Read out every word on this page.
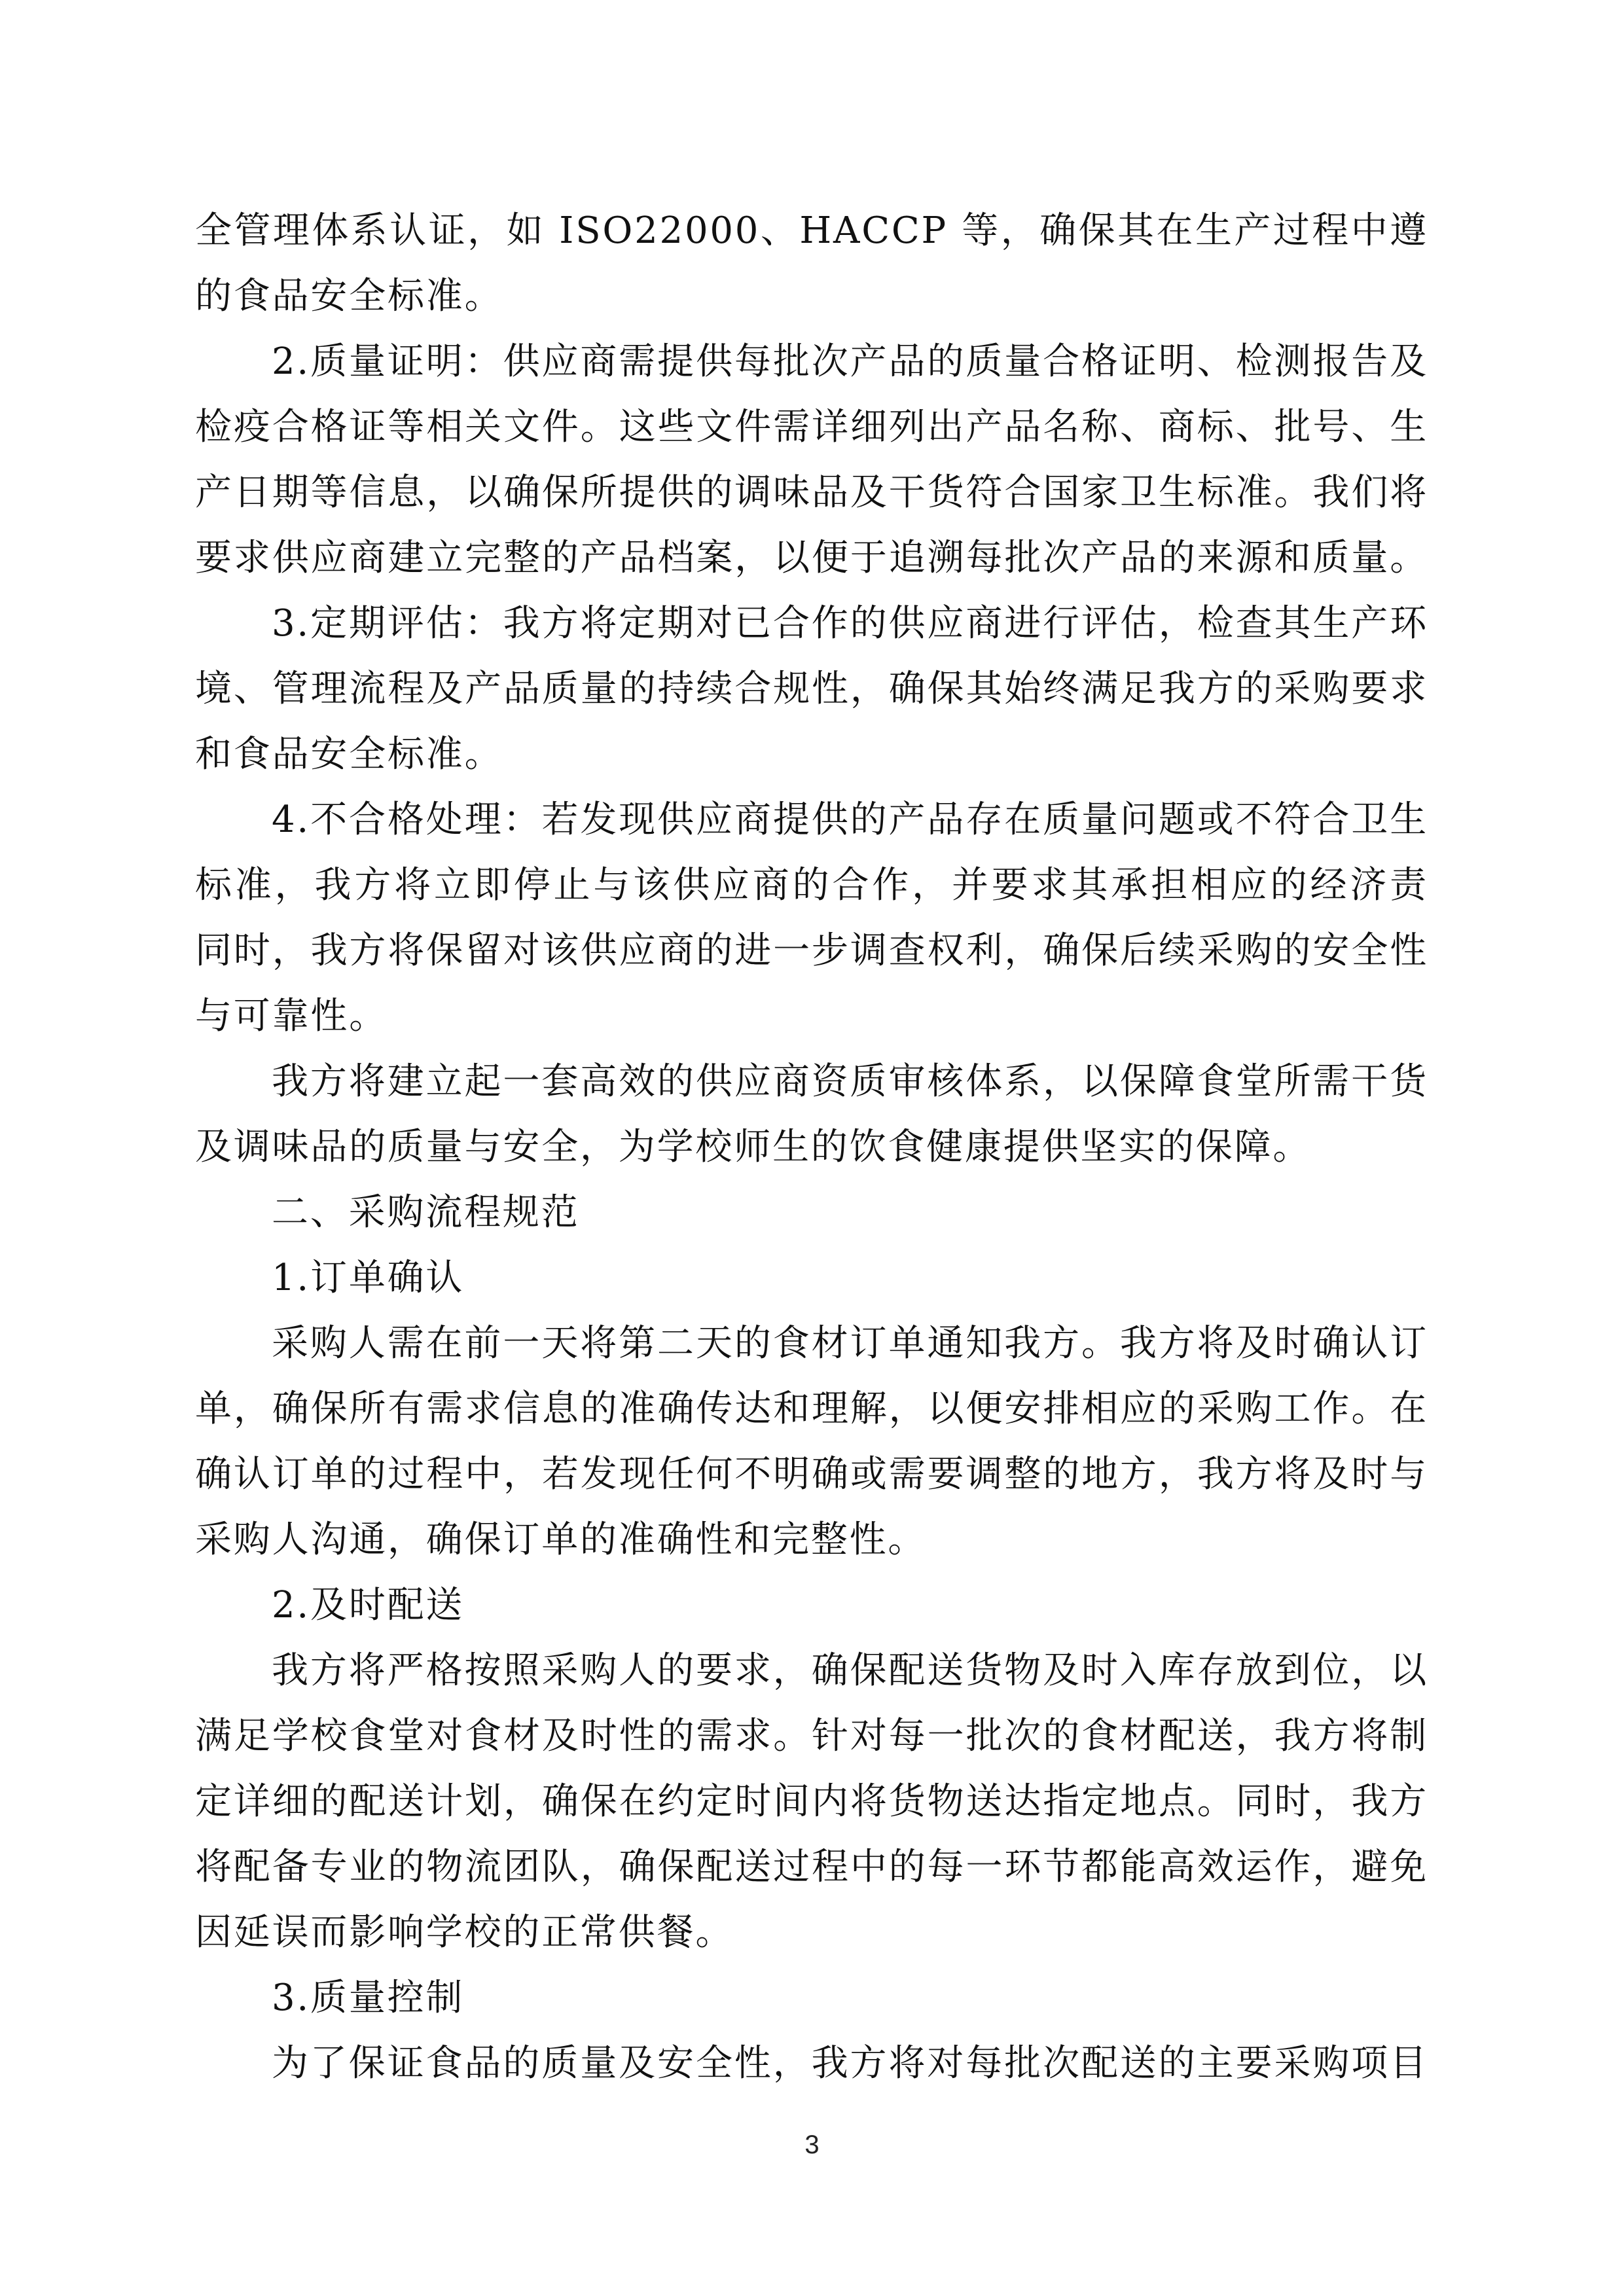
全管理体系认证，如 ISO22000、HACCP 等，确保其在生产过程中遵
的食品安全标准。
2.质量证明：供应商需提供每批次产品的质量合格证明、检测报告及
检疫合格证等相关文件。这些文件需详细列出产品名称、商标、批号、生
产日期等信息，以确保所提供的调味品及干货符合国家卫生标准。我们将
要求供应商建立完整的产品档案，以便于追溯每批次产品的来源和质量。
3.定期评估：我方将定期对已合作的供应商进行评估，检查其生产环
境、管理流程及产品质量的持续合规性，确保其始终满足我方的采购要求
和食品安全标准。
4.不合格处理：若发现供应商提供的产品存在质量问题或不符合卫生
标准，我方将立即停止与该供应商的合作，并要求其承担相应的经济责
同时，我方将保留对该供应商的进一步调查权利，确保后续采购的安全性
与可靠性。
我方将建立起一套高效的供应商资质审核体系，以保障食堂所需干货
及调味品的质量与安全，为学校师生的饮食健康提供坚实的保障。
二、采购流程规范
1.订单确认
采购人需在前一天将第二天的食材订单通知我方。我方将及时确认订
单，确保所有需求信息的准确传达和理解，以便安排相应的采购工作。在
确认订单的过程中，若发现任何不明确或需要调整的地方，我方将及时与
采购人沟通，确保订单的准确性和完整性。
2.及时配送
我方将严格按照采购人的要求，确保配送货物及时入库存放到位，以
满足学校食堂对食材及时性的需求。针对每一批次的食材配送，我方将制
定详细的配送计划，确保在约定时间内将货物送达指定地点。同时，我方
将配备专业的物流团队，确保配送过程中的每一环节都能高效运作，避免
因延误而影响学校的正常供餐。
3.质量控制
为了保证食品的质量及安全性，我方将对每批次配送的主要采购项目
3
